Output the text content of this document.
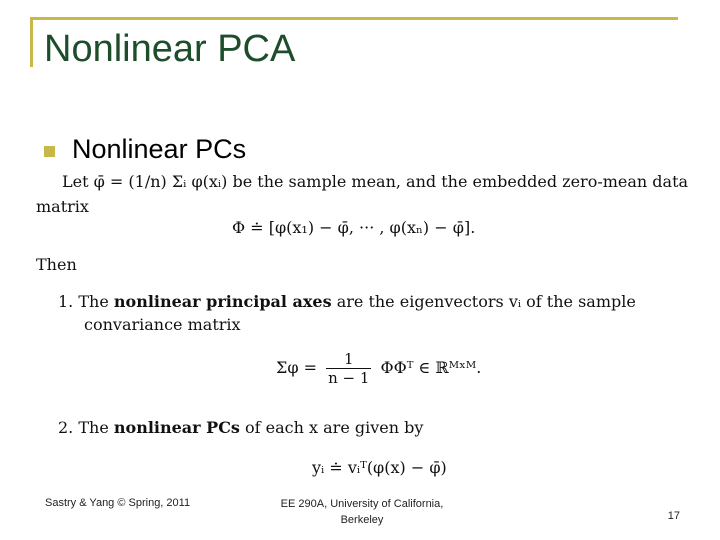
Nonlinear PCA
Nonlinear PCs
Let φ̄ = (1/n) Σᵢ φ(xᵢ) be the sample mean, and the embedded zero-mean data
matrix
Φ ≐ [φ(x₁) − φ̄, ··· , φ(xₙ) − φ̄].
Then
1. The nonlinear principal axes are the eigenvectors vᵢ of the sample
convariance matrix
$\Sigma\varphi = \frac{1}{n - 1}$ ΦΦᵀ ∈ ℝᴹˣᴹ.
2. The nonlinear PCs of each x are given by
yᵢ ≐ vᵢᵀ(φ(x) − φ̄)
Sastry & Yang © Spring, 2011	EE 290A, University of California, Berkeley	17
